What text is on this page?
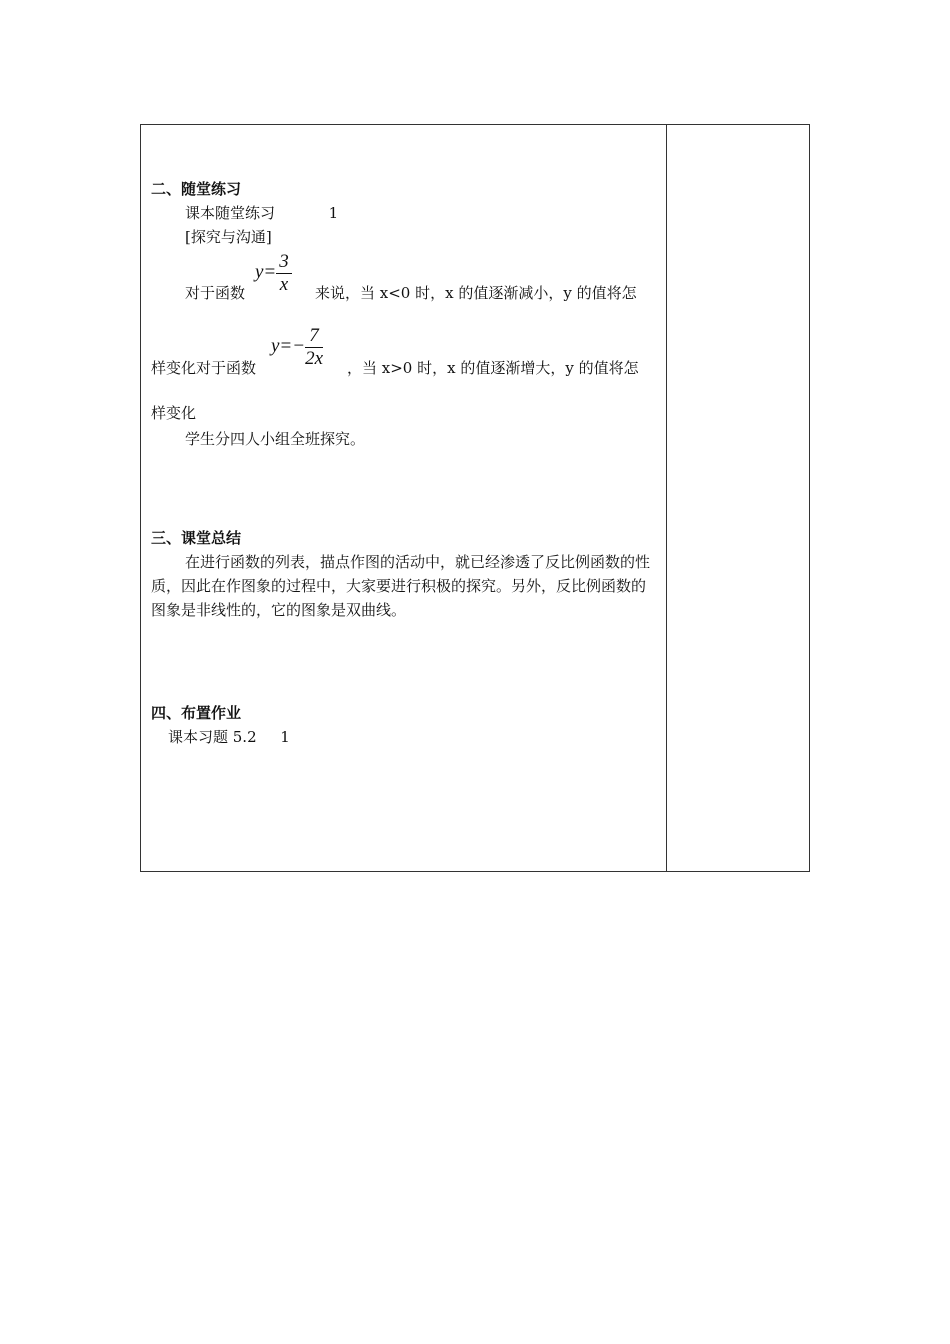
二、随堂练习
课本随堂练习	1
[探究与沟通]
对于函数
$y= \frac{3}{x}$ 来说，当 x<0 时，x 的值逐渐减小，y 的值将怎
样变化对于函数
$y=- \frac{7}{2x}$ ，当 x>0 时，x 的值逐渐增大，y 的值将怎
样变化
学生分四人小组全班探究。
三、课堂总结
在进行函数的列表，描点作图的活动中，就已经渗透了反比例函数的性质，因此在作图象的过程中，大家要进行积极的探究。另外，反比例函数的图象是非线性的，它的图象是双曲线。
四、布置作业
课本习题 5.2 1
